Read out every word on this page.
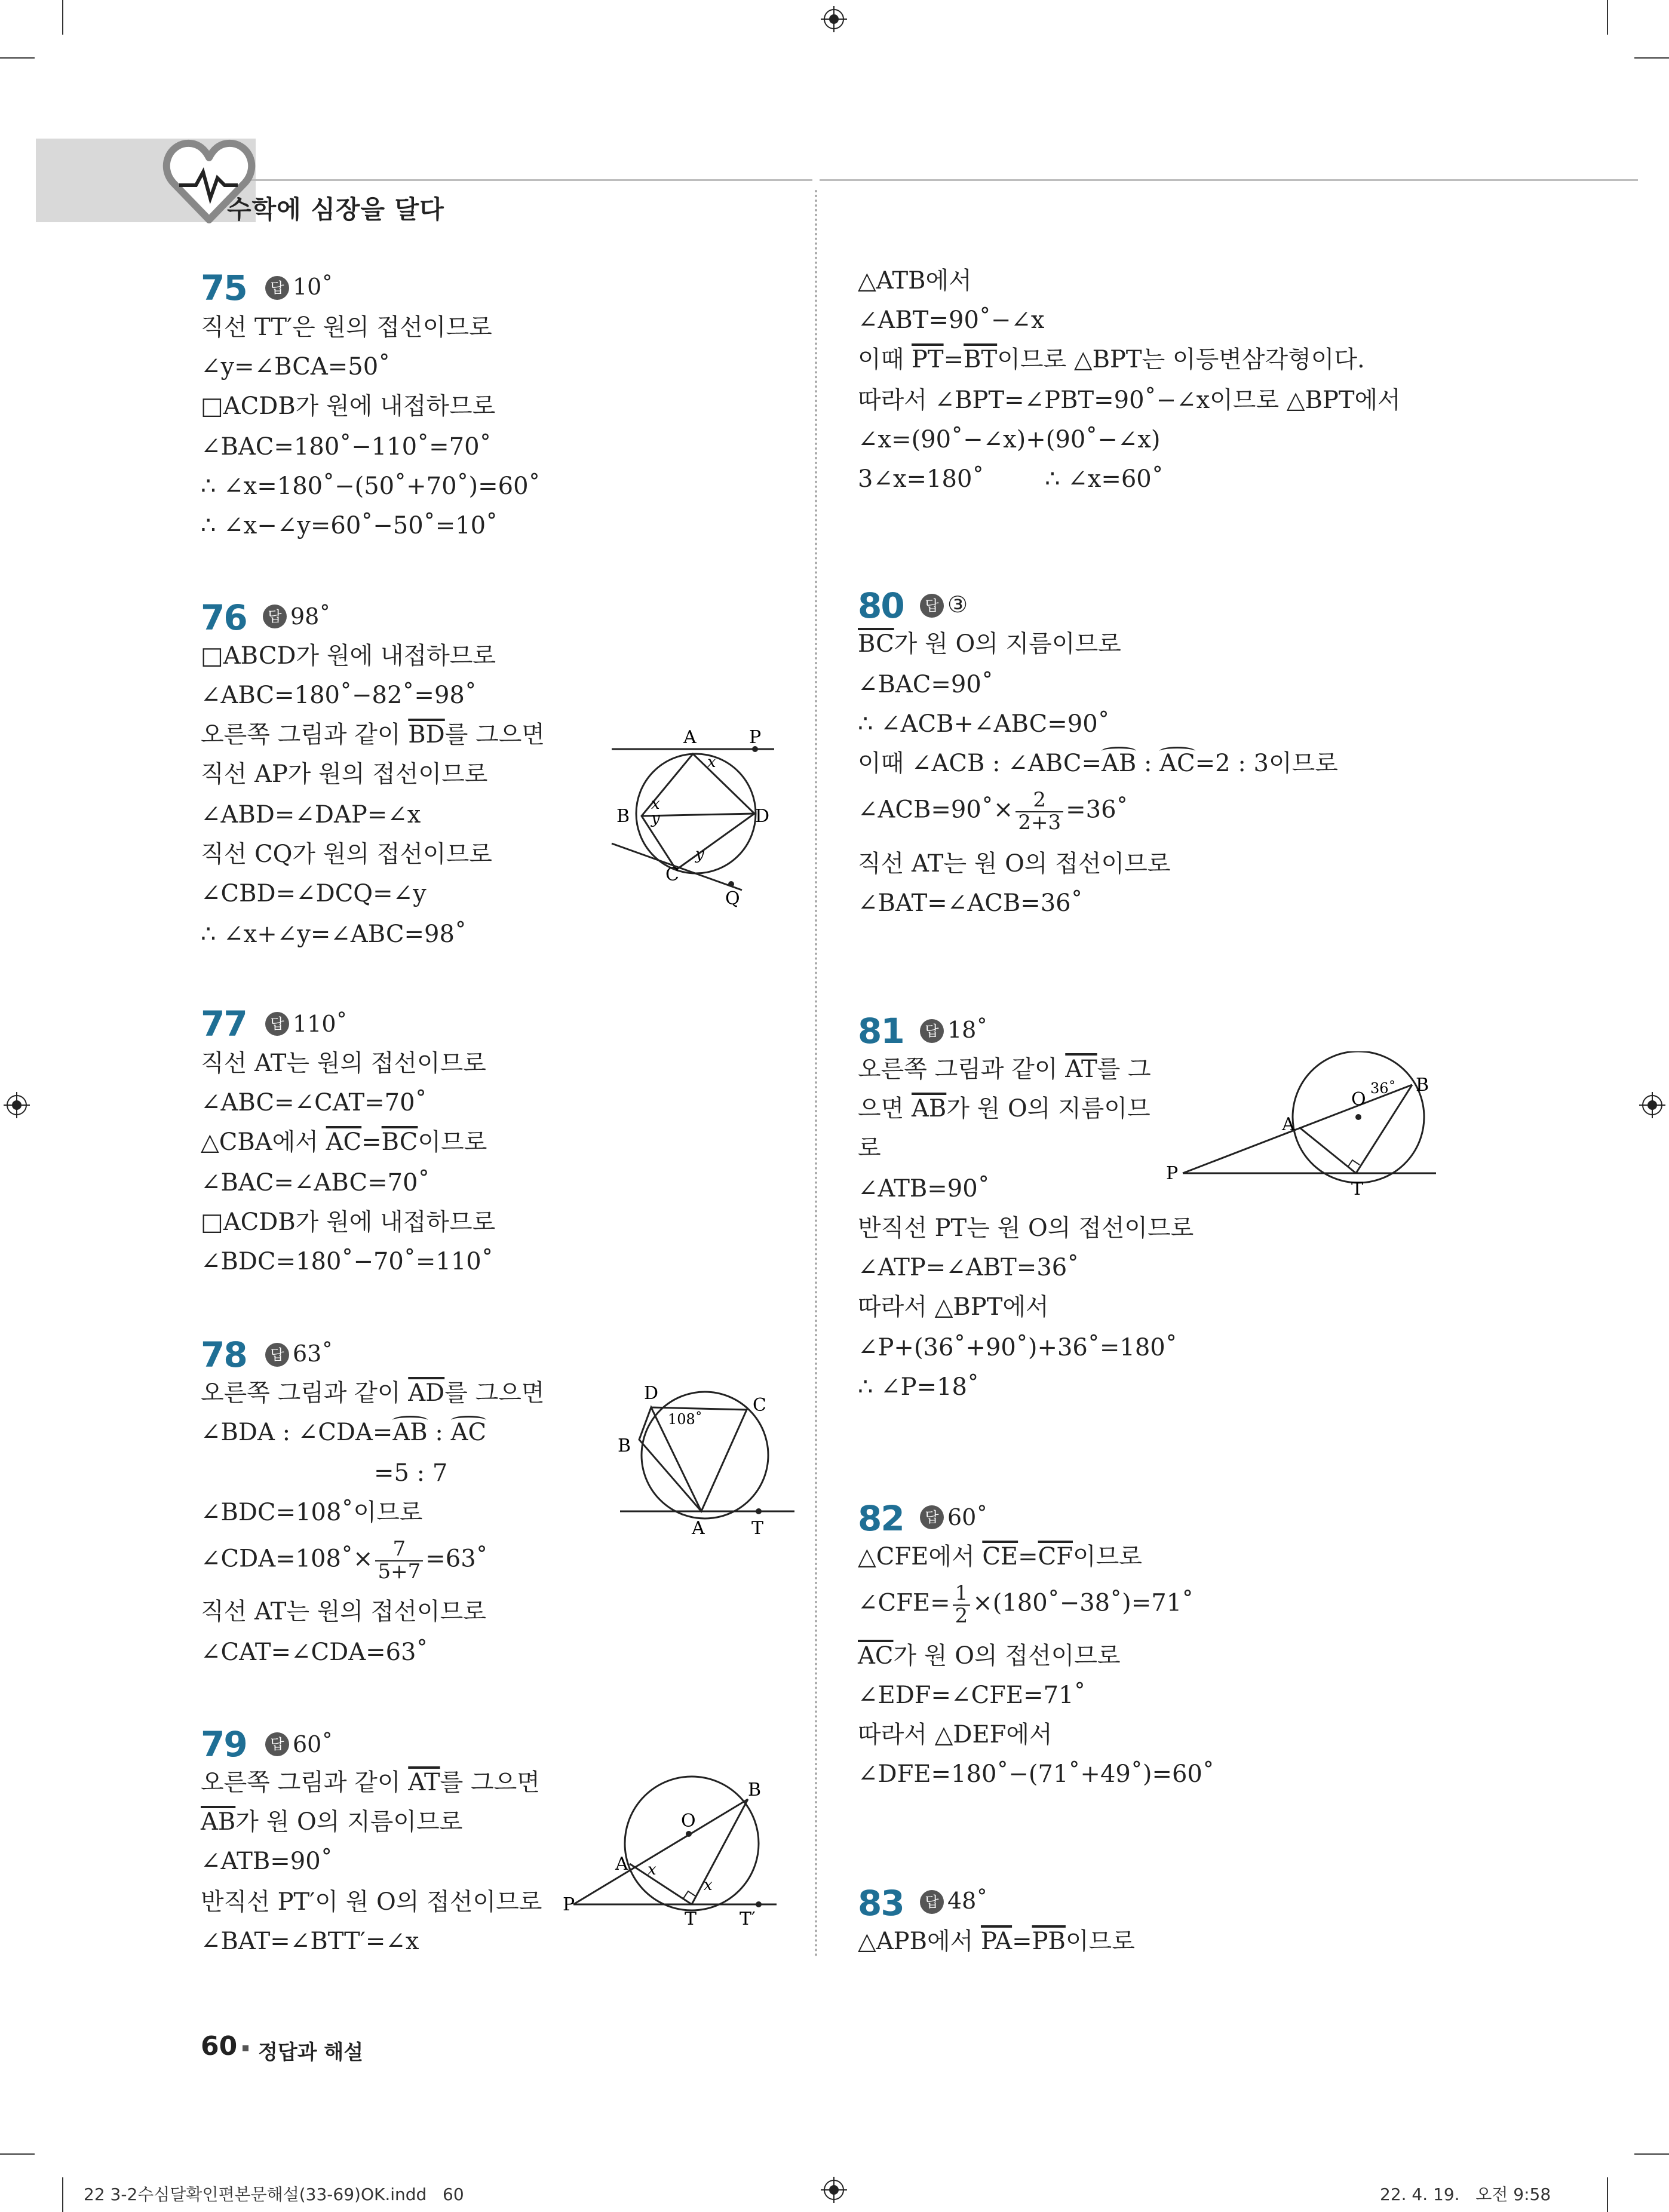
수학에 심장을 달다
75	답 10˚
직선 TT′은 원의 접선이므로
∠y=∠BCA=50˚
□ACDB가 원에 내접하므로
∠BAC=180˚−110˚=70˚
∴ ∠x=180˚−(50˚+70˚)=60˚
∴ ∠x−∠y=60˚−50˚=10˚
76	답 98˚
□ABCD가 원에 내접하므로
∠ABC=180˚−82˚=98˚
오른쪽 그림과 같이 $\overline{BD}$를 그으면
직선 AP가 원의 접선이므로
∠ABD=∠DAP=∠x
직선 CQ가 원의 접선이므로
∠CBD=∠DCQ=∠y
∴ ∠x+∠y=∠ABC=98˚
A	P
B	D
C
Q
x
x
y
y
77	답 110˚
직선 AT는 원의 접선이므로
∠ABC=∠CAT=70˚
△CBA에서 $\overline{AC}=\overline{BC}$이므로
∠BAC=∠ABC=70˚
□ACDB가 원에 내접하므로
∠BDC=180˚−70˚=110˚
78	답 63˚
오른쪽 그림과 같이 $\overline{AD}$를 그으면
∠BDA : ∠CDA=AB : AC
=5 : 7
∠BDC=108˚이므로
∠CDA=108˚× $\frac{7}{5+7}$ =63˚
직선 AT는 원의 접선이므로
∠CAT=∠CDA=63˚
D
C
B
A	T
108˚
79	답 60˚
오른쪽 그림과 같이 $\overline{AT}$를 그으면
$\overline{AB}$가 원 O의 지름이므로
∠ATB=90˚
반직선 PT′이 원 O의 접선이므로
∠BAT=∠BTT′=∠x
B
O
A
P
T T′
x
x
△ATB에서
∠ABT=90˚−∠x
이때 $\overline{PT}=\overline{BT}$이므로 △BPT는 이등변삼각형이다.
따라서 ∠BPT=∠PBT=90˚−∠x이므로 △BPT에서
∠x=(90˚−∠x)+(90˚−∠x)
3∠x=180˚        ∴ ∠x=60˚
80	답 ③
$\overline{BC}$가 원 O의 지름이므로
∠BAC=90˚
∴ ∠ACB+∠ABC=90˚
이때 ∠ACB : ∠ABC=AB : AC=2 : 3이므로
∠ACB=90˚× $\frac{2}{2+3}$ =36˚
직선 AT는 원 O의 접선이므로
∠BAT=∠ACB=36˚
81	답 18˚
오른쪽 그림과 같이 $\overline{AT}$를 그
으면 $\overline{AB}$가 원 O의 지름이므
로
∠ATB=90˚
반직선 PT는 원 O의 접선이므로
∠ATP=∠ABT=36˚
따라서 △BPT에서
∠P+(36˚+90˚)+36˚=180˚
∴ ∠P=18˚
O
B
A
P
T
36˚
82	답 60˚
△CFE에서 $\overline{CE}=\overline{CF}$이므로
∠CFE= $\frac{1}{2}$ ×(180˚−38˚)=71˚
$\overline{AC}$가 원 O의 접선이므로
∠EDF=∠CFE=71˚
따라서 △DEF에서
∠DFE=180˚−(71˚+49˚)=60˚
83	답 48˚
△APB에서 $\overline{PA}=\overline{PB}$이므로
60 정답과 해설
22 3-2수심달확인편본문해설(33-69)OK.indd   60	22. 4. 19.   오전 9:58
